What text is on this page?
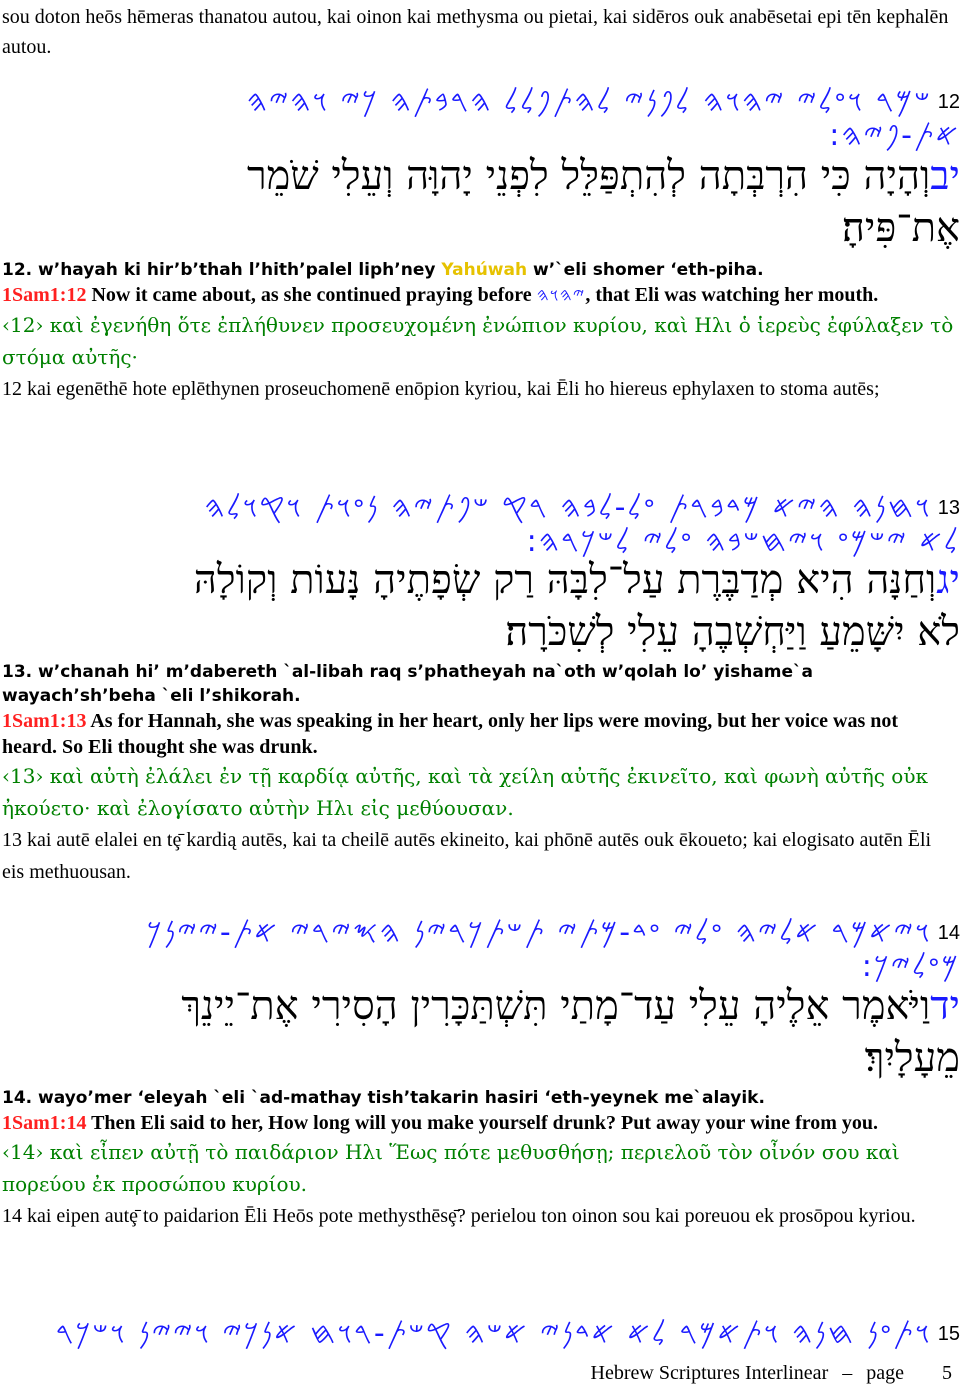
sou doton heōs hēmeras thanatou autou, kai oinon kai methysma ou pietai, kai sidēros ouk anabēsetai epi tēn kephalēn autou.
12𐤔𐤌𐤓 𐤅𐤏𐤋𐤉 𐤉𐤄𐤅𐤄 𐤋𐤐𐤍𐤉 𐤋𐤄𐤕𐤐𐤋𐤋 𐤄𐤓𐤁𐤕𐤄 𐤊𐤉 𐤅𐤄𐤉𐤄
𐤀𐤕-𐤐𐤉𐤄:
יבוְהָיָה כִּי הִרְבְּתָה לְהִתְפַּלֵּל לִפְנֵי יָהוָּה וְעֵלִי שֹׁמֵר
אֶת־פִּיהָ׃
12. w’hayah ki hir’b’thah l’hith’palel liph’ney Yahúwah w’`eli shomer ‘eth-piha.
1Sam1:12 Now it came about, as she continued praying before 𐤉𐤄𐤅𐤄, that Eli was watching her mouth.
‹12› καὶ ἐγενήθη ὅτε ἐπλήθυνεν προσευχομένη ἐνώπιον κυρίου, καὶ Ηλι ὁ ἱερεὺς ἐφύλαξεν τὸ στόμα αὐτῆς·
12 kai egenēthē hote eplēthynen proseuchomenē enōpion kyriou, kai Ēli ho hiereus ephylaxen to stoma autēs;
13𐤅𐤇𐤍𐤄 𐤄𐤉𐤀 𐤌𐤃𐤁𐤓𐤕 𐤏𐤋-𐤋𐤁𐤄 𐤓𐤒 𐤔𐤐𐤕𐤉𐤄 𐤍𐤏𐤅𐤕 𐤅𐤒𐤅𐤋𐤄
𐤋𐤀 𐤉𐤔𐤌𐤏 𐤅𐤉𐤇𐤔𐤁𐤄 𐤏𐤋𐤉 𐤋𐤔𐤊𐤓𐤄:
יגוְחַנָּה הִיא מְדַבֶּרֶת עַל־לִבָּהּ רַק שְׂפָתֶיהָ נָּעוֹת וְקוֹלָהּ
לֹא יִשָּׁמֵעַ וַיַּחְשְׁבֶהָ עֵלִי לְשִׁכֹּרָה׃
13. w’chanah hi’ m’dabereth `al-libah raq s’phatheyah na`oth w’qolah lo’ yishame`a wayach’sh’beha `eli l’shikorah.
1Sam1:13 As for Hannah, she was speaking in her heart, only her lips were moving, but her voice was not heard. So Eli thought she was drunk.
‹13› καὶ αὐτὴ ἐλάλει ἐν τῇ καρδίᾳ αὐτῆς, καὶ τὰ χείλη αὐτῆς ἐκινεῖτο, καὶ φωνὴ αὐτῆς οὐκ ἠκούετο· καὶ ἐλογίσατο αὐτὴν Ηλι εἰς μεθύουσαν.
13 kai autē elalei en tȩ̄ kardią autēs, kai ta cheilē autēs ekineito, kai phōnē autēs ouk ēkoueto; kai elogisato autēn Ēli eis methuousan.
14𐤅𐤉𐤀𐤌𐤓 𐤀𐤋𐤉𐤄 𐤏𐤋𐤉 𐤏𐤃-𐤌𐤕𐤉 𐤕𐤔𐤕𐤊𐤓𐤉𐤍 𐤄𐤎𐤉𐤓𐤉 𐤀𐤕-𐤉𐤉𐤍𐤊
𐤌𐤏𐤋𐤉𐤊:
ידוַיֹּאמֶר אֵלֶיהָ עֵלִי עַד־מָתַי תִּשְׁתַּכָּרִין הָסִירִי אֶת־יֵינֵךְ
מֵעָלָיִךְ׃
14. wayo’mer ‘eleyah `eli `ad-mathay tish’takarin hasiri ‘eth-yeynek me`alayik.
1Sam1:14 Then Eli said to her, How long will you make yourself drunk? Put away your wine from you.
‹14› καὶ εἶπεν αὐτῇ τὸ παιδάριον Ηλι Ἕως πότε μεθυσθήσῃ; περιελοῦ τὸν οἶνόν σου καὶ πορεύου ἐκ προσώπου κυρίου.
14 kai eipen autȩ̄ to paidarion Ēli Heōs pote methysthēsȩ̄? perielou ton oinon sou kai poreuou ek prosōpou kyriou.
15𐤅𐤕𐤏𐤍 𐤇𐤍𐤄 𐤅𐤕𐤀𐤌𐤓 𐤋𐤀 𐤀𐤃𐤍𐤉 𐤀𐤔𐤄 𐤒𐤔𐤕-𐤓𐤅𐤇 𐤀𐤍𐤊𐤉 𐤅𐤉𐤉𐤍 𐤅𐤔𐤊𐤓
Hebrew Scriptures Interlinear – page 5
